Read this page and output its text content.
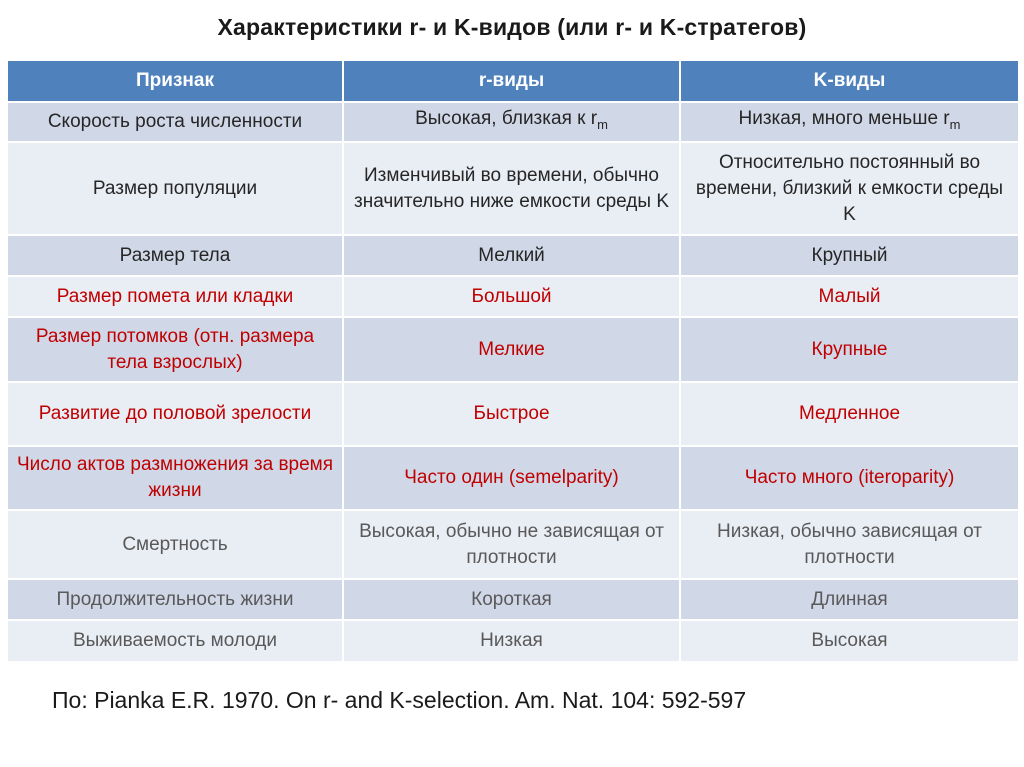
Характеристики r- и K-видов (или r- и K-стратегов)
Признак	r-виды	K-виды
Скорость роста численности	Высокая, близкая к $r_m$	Низкая, много меньше $r_m$
Размер популяции	Изменчивый во времени, обычно значительно ниже емкости среды K	Относительно постоянный во времени, близкий к емкости среды K
Размер тела	Мелкий	Крупный
Размер помета или кладки	Большой	Малый
Размер потомков (отн. размера тела взрослых)	Мелкие	Крупные
Развитие до половой зрелости	Быстрое	Медленное
Число актов размножения за время жизни	Часто один (semelparity)	Часто много (iteroparity)
Смертность	Высокая, обычно не зависящая от плотности	Низкая, обычно зависящая от плотности
Продолжительность жизни	Короткая	Длинная
Выживаемость молоди	Низкая	Высокая
По: Pianka E.R. 1970. On r- and K-selection. Am. Nat. 104: 592-597
